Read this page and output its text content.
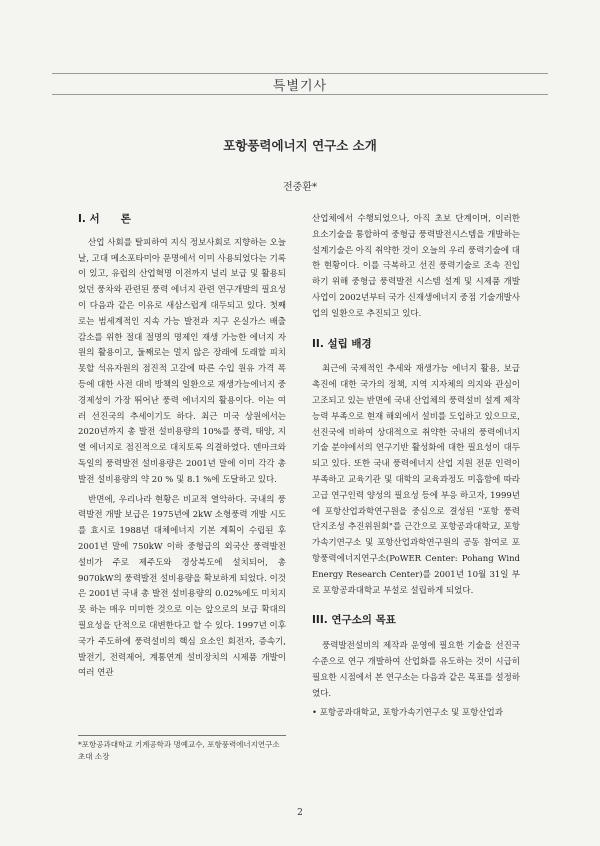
특별기사
포항풍력에너지 연구소 소개
전중환*
I. 서　　론

산업 사회를 탈피하여 지식 정보사회로 지향하는 오늘날, 고대 메소포타미아 문명에서 이미 사용되었다는 기록이 있고, 유럽의 산업혁명 이전까지 널리 보급 및 활용되었던 풍차와 관련된 풍력 에너지 관련 연구개발의 필요성이 다음과 같은 이유로 새삼스럽게 대두되고 있다. 첫째로는 범세계적인 지속 가능 발전과 지구 온실가스 배출 감소를 위한 절대 절명의 명제인 재생 가능한 에너지 자원의 활용이고, 둘째로는 멀지 않은 장래에 도래할 피치 못할 석유자원의 점진적 고갈에 따른 수입 원유 가격 폭등에 대한 사전 대비 방책의 일환으로 재생가능에너지 중 경제성이 가장 뛰어난 풍력 에너지의 활용이다. 이는 여러 선진국의 추세이기도 하다. 최근 미국 상원에서는 2020년까지 총 발전 설비용량의 10%를 풍력, 태양, 지열 에너지로 점진적으로 대치토록 의결하였다. 덴마크와 독일의 풍력발전 설비용량은 2001년 말에 이미 각각 총 발전 설비용량의 약 20 % 및 8.1 %에 도달하고 있다.

반면에, 우리나라 현황은 비교적 열악하다. 국내의 풍력발전 개발 보급은 1975년에 2kW 소형풍력 개발 시도를 효시로 1988년 대체에너지 기본 계획이 수립된 후 2001년 말에 750kW 이하 중형급의 외국산 풍력발전 설비가 주로 제주도와 경상북도에 설치되어, 총 9070kW의 풍력발전 설비용량을 확보하게 되었다. 이것은 2001년 국내 총 발전 설비용량의 0.02%에도 미치지 못 하는 매우 미미한 것으로 이는 앞으로의 보급 확대의 필요성을 단적으로 대변한다고 할 수 있다. 1997년 이후 국가 주도하에 풍력설비의 핵심 요소인 회전자, 증속기, 발전기, 전력제어, 계통연계 설비장치의 시제품 개발이 여러 연관

산업체에서 수행되었으나, 아직 초보 단계이며, 이러한 요소기술을 통합하여 중형급 풍력발전시스템을 개발하는 설계기술은 아직 취약한 것이 오늘의 우리 풍력기술에 대한 현황이다. 이를 극복하고 선진 풍력기술로 조속 진입하기 위해 중형급 풍력발전 시스템 설계 및 시제품 개발 사업이 2002년부터 국가 신재생에너지 중점 기술개발사업의 일환으로 추진되고 있다.

II. 설립 배경

최근에 국제적인 추세와 재생가능 에너지 활용, 보급 촉진에 대한 국가의 정책, 지역 지자체의 의지와 관심이 고조되고 있는 반면에 국내 산업체의 풍력설비 설계 제작 능력 부족으로 현재 해외에서 설비를 도입하고 있으므로, 선진국에 비하여 상대적으로 취약한 국내의 풍력에너지 기술 분야에서의 연구기반 활성화에 대한 필요성이 대두되고 있다. 또한 국내 풍력에너지 산업 지원 전문 인력이 부족하고 교육기관 및 대학의 교육과정도 미흡함에 따라 고급 연구인력 양성의 필요성 등에 부응 하고자, 1999년에 포항산업과학연구원을 중심으로 결성된 "포항 풍력 단지조성 추진위원회"를 근간으로 포항공과대학교, 포항가속기연구소 및 포항산업과학연구원의 공동 참여로 포항풍력에너지연구소(PoWER Center: Pohang Wind Energy Research Center)를 2001년 10월 31일 부로 포항공과대학교 부설로 설립하게 되었다.

III. 연구소의 목표

풍력발전설비의 제작과 운영에 필요한 기술을 선진국 수준으로 연구 개발하여 산업화를 유도하는 것이 시급히 필요한 시점에서 본 연구소는 다음과 같은 목표를 설정하였다.

• 포항공과대학교, 포항가속기연구소 및 포항산업과

*포항공과대학교 기계공학과 명예교수, 포항풍력에너지연구소 초대 소장
2
